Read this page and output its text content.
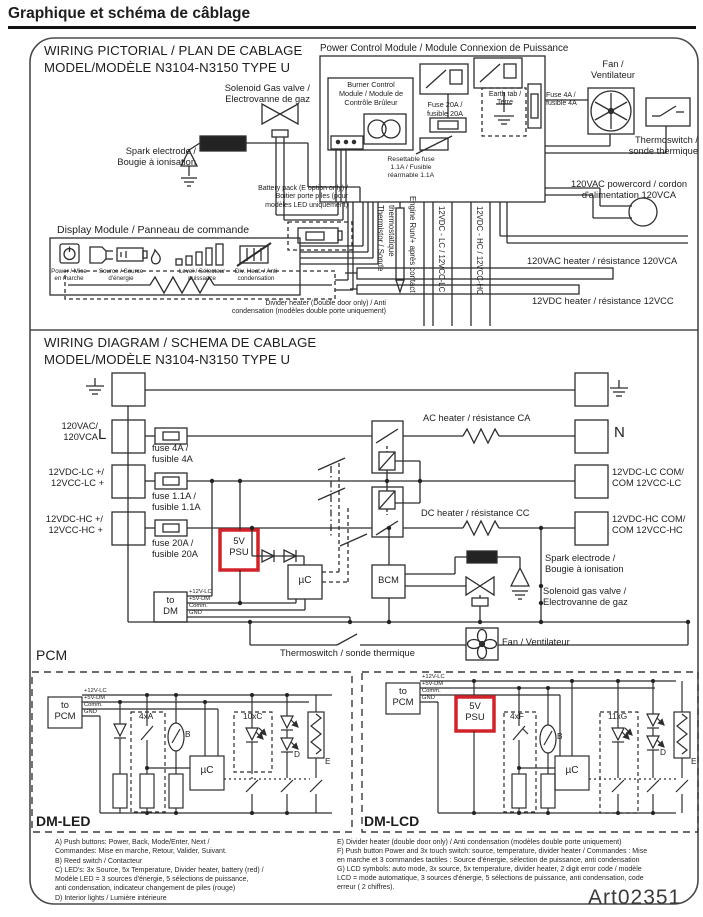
Graphique et schéma de câblage
WIRING PICTORIAL / PLAN DE CABLAGE
MODEL/MODÈLE N3104-N3150 TYPE U
Power Control Module / Module Connexion de Puissance
Burner Control
Module / Module de
Contrôle Brûleur
Solenoid Gas valve /
Electrovanne de gaz
Spark electrode /
Bougie à ionisation
Fuse 20A /
fusible 20A
Earth tab /
Terre
Fuse 4A /
fusible 4A
Fan /
Ventilateur
Thermoswitch /
sonde thermique
Resettable fuse
1.1A / Fusible
réarmable 1.1A
Battery pack (E option only) /
Boitier porte piles (pour
modèles LED uniquement)
Display Module / Panneau de commande
Power / Mise
en marche
Source / Source
d'énergie
Level / Sélecteur
puissance
Div. Heat. / Anti
condensation
Divider heater (Double door only) / Anti
condensation (modèles double porte uniquement)
Thermistor / Sonde
thermostatique Engine Run/+ après contact	12VDC - LC / 12VCC-LC	12VDC - HC / 12VCC-HC
120VAC powercord / cordon
d'alimentation 120VCA
120VAC heater / résistance 120VCA
12VDC heater / résistance 12VCC
WIRING DIAGRAM / SCHEMA DE CABLAGE
MODEL/MODÈLE N3104-N3150 TYPE U
120VAC/
120VCA L
12VDC-LC +/
12VCC-LC +
12VDC-HC +/
12VCC-HC +
fuse 4A /
fusible 4A
fuse 1.1A /
fusible 1.1A
fuse 20A /
fusible 20A
5V
PSU
to
DM
+12V-LC
+5V-DM
Comm.
GND
µC	BCM
AC heater / résistance CA
DC heater / résistance CC
N
12VDC-LC COM/
COM 12VCC-LC
12VDC-HC COM/
COM 12VCC-HC
Spark electrode /
Bougie à ionisation
Solenoid gas valve /
Electrovanne de gaz
Thermoswitch / sonde thermique
Fan / Ventilateur
PCM
to
PCM
+12V-LC
+5V-DM
Comm.
GND	4xA
B
µC
10xC
D
E
DM-LED
to
PCM
+12V-LC
+5V-DM
Comm.
GND
5V
PSU	4xF
B
µC
11xG
D
E
DM-LCD
A) Push buttons: Power, Back, Mode/Enter, Next /
Commandes: Mise en marche, Retour, Valider, Suivant.
B) Reed switch / Contacteur
C) LED's: 3x Source, 5x Temperature, Divider heater, battery (red) /
Modèle LED = 3 sources d'énergie, 5 sélections de puissance,
anti condensation, indicateur changement de piles (rouge)
D) Interior lights / Lumière intérieure
E) Divider heater (double door only) / Anti condensation (modèles double porte uniquement)
F) Push button Power and 3x touch switch: source, temperature, divider heater / Commandes : Mise
en marche et 3 commandes tactiles : Source d'énergie, sélection de puissance, anti condensation
G) LCD symbols: auto mode, 3x source, 5x temperature, divider heater, 2 digit error code / modèle
LCD = mode automatique, 3 sources d'énergie, 5 sélections de puissance, anti condensation, code
erreur ( 2 chiffres).	Art02351
